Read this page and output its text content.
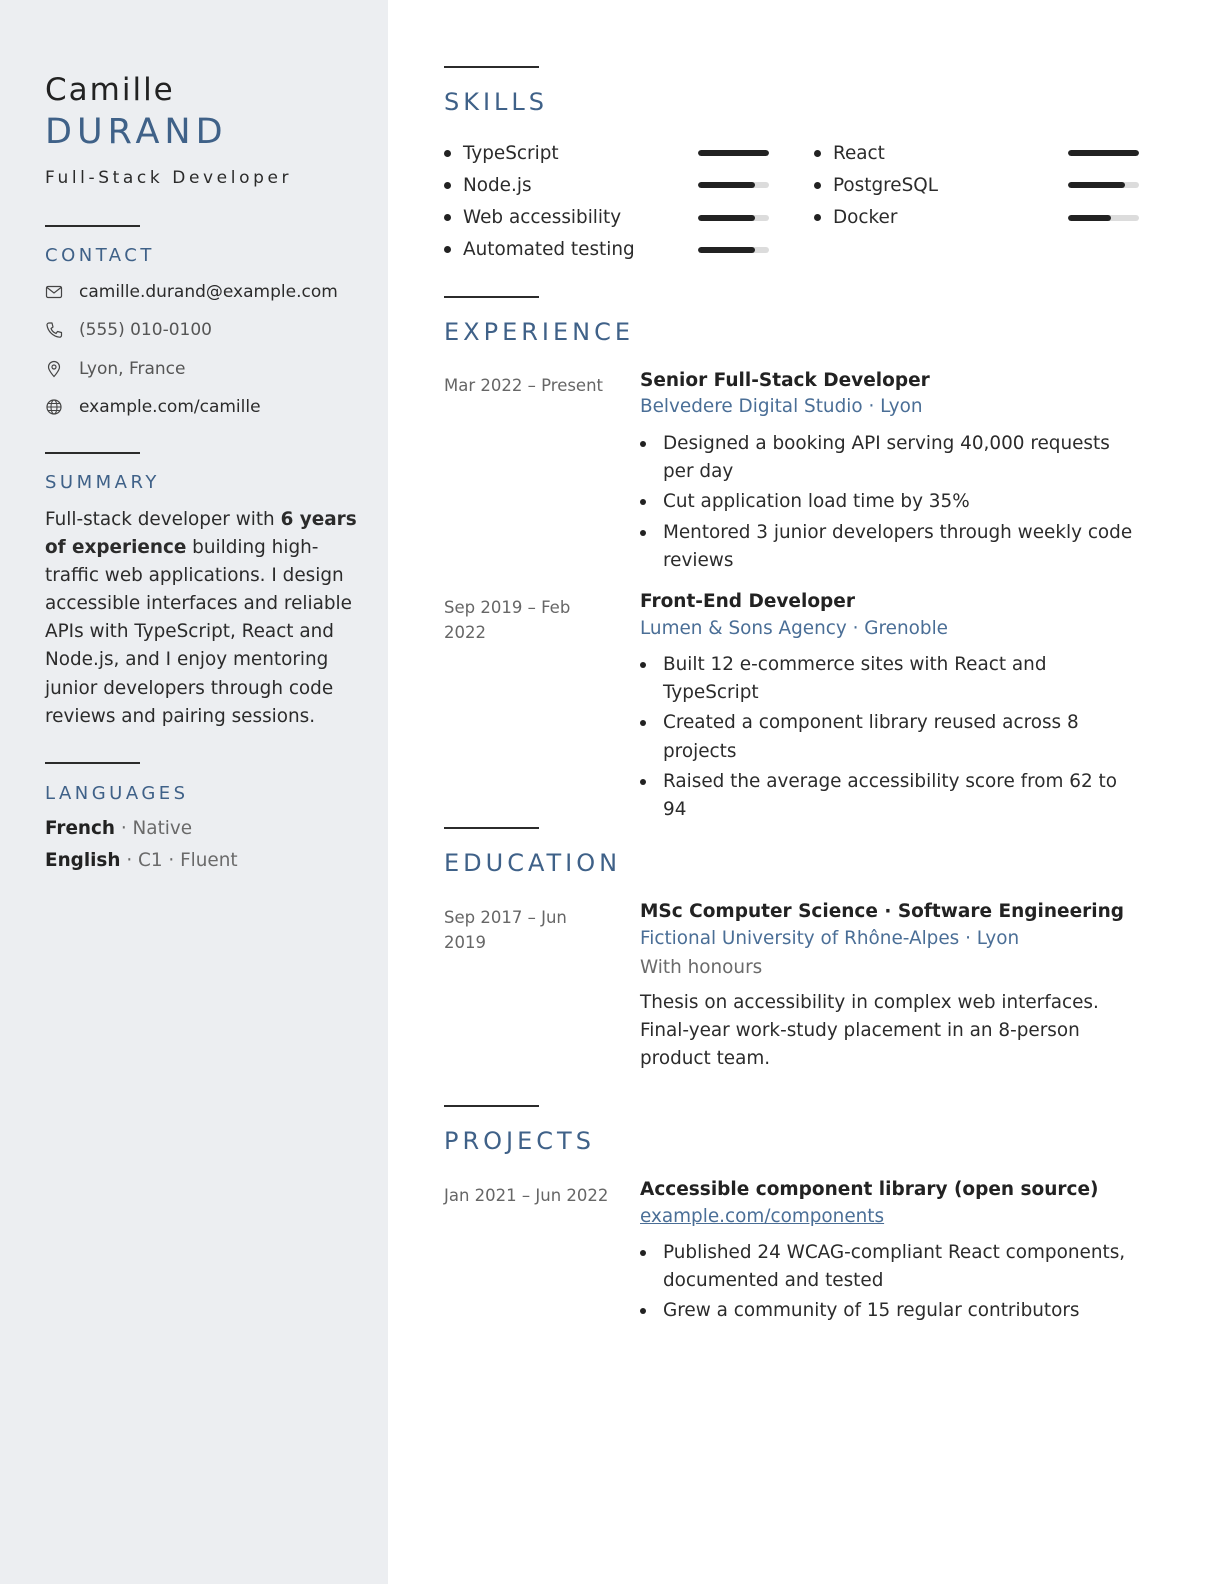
Camille
DURAND
Full-Stack Developer
CONTACT
camille.durand@example.com
(555) 010-0100
Lyon, France
example.com/camille
SUMMARY
Full-stack developer with 6 years of experience building high-traffic web applications. I design accessible interfaces and reliable APIs with TypeScript, React and Node.js, and I enjoy mentoring junior developers through code reviews and pairing sessions.
LANGUAGES
French · Native
English · C1 · Fluent
SKILLS
TypeScript
Node.js
Web accessibility
Automated testing
React
PostgreSQL
Docker
EXPERIENCE
Mar 2022 – Present	Senior Full-Stack Developer
Belvedere Digital Studio · Lyon
Designed a booking API serving 40,000 requests per day
Cut application load time by 35%
Mentored 3 junior developers through weekly code reviews
Sep 2019 – Feb 2022
Front-End Developer
Lumen & Sons Agency · Grenoble
Built 12 e-commerce sites with React and TypeScript
Created a component library reused across 8 projects
Raised the average accessibility score from 62 to 94
EDUCATION
Sep 2017 – Jun 2019
MSc Computer Science · Software Engineering
Fictional University of Rhône-Alpes · Lyon
With honours
Thesis on accessibility in complex web interfaces. Final-year work-study placement in an 8-person product team.
PROJECTS
Jan 2021 – Jun 2022	Accessible component library (open source)
example.com/components
Published 24 WCAG-compliant React components, documented and tested
Grew a community of 15 regular contributors
